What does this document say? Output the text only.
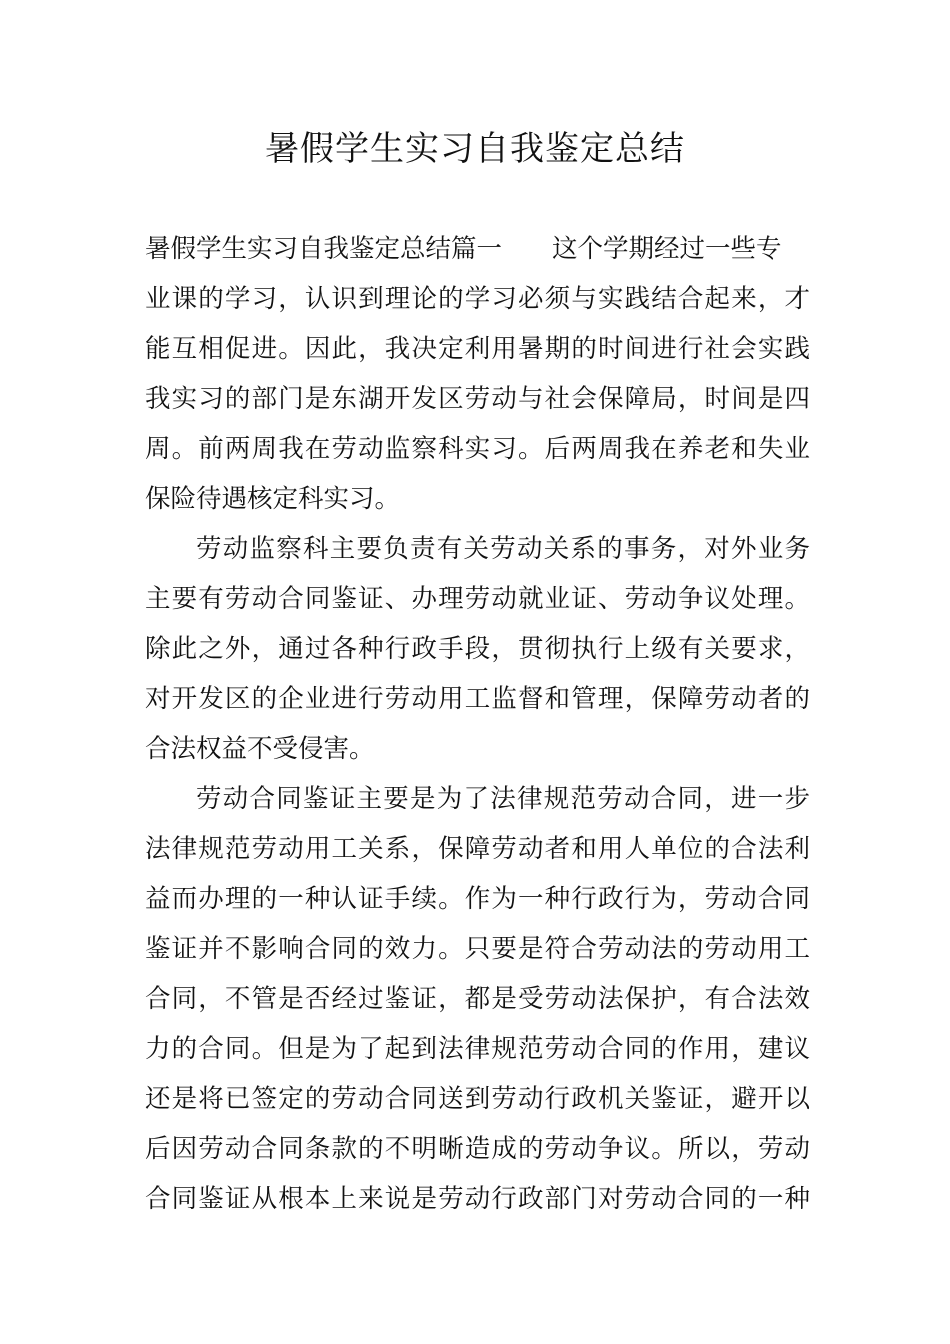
暑假学生实习自我鉴定总结
暑假学生实习自我鉴定总结篇一 这个学期经过一些专
业课的学习，认识到理论的学习必须与实践结合起来，才
能互相促进。因此，我决定利用暑期的时间进行社会实践
我实习的部门是东湖开发区劳动与社会保障局，时间是四
周。前两周我在劳动监察科实习。后两周我在养老和失业
保险待遇核定科实习。
劳动监察科主要负责有关劳动关系的事务，对外业务
主要有劳动合同鉴证、办理劳动就业证、劳动争议处理。
除此之外，通过各种行政手段，贯彻执行上级有关要求，
对开发区的企业进行劳动用工监督和管理，保障劳动者的
合法权益不受侵害。
劳动合同鉴证主要是为了法律规范劳动合同，进一步
法律规范劳动用工关系，保障劳动者和用人单位的合法利
益而办理的一种认证手续。作为一种行政行为，劳动合同
鉴证并不影响合同的效力。只要是符合劳动法的劳动用工
合同，不管是否经过鉴证，都是受劳动法保护，有合法效
力的合同。但是为了起到法律规范劳动合同的作用，建议
还是将已签定的劳动合同送到劳动行政机关鉴证，避开以
后因劳动合同条款的不明晰造成的劳动争议。所以，劳动
合同鉴证从根本上来说是劳动行政部门对劳动合同的一种
